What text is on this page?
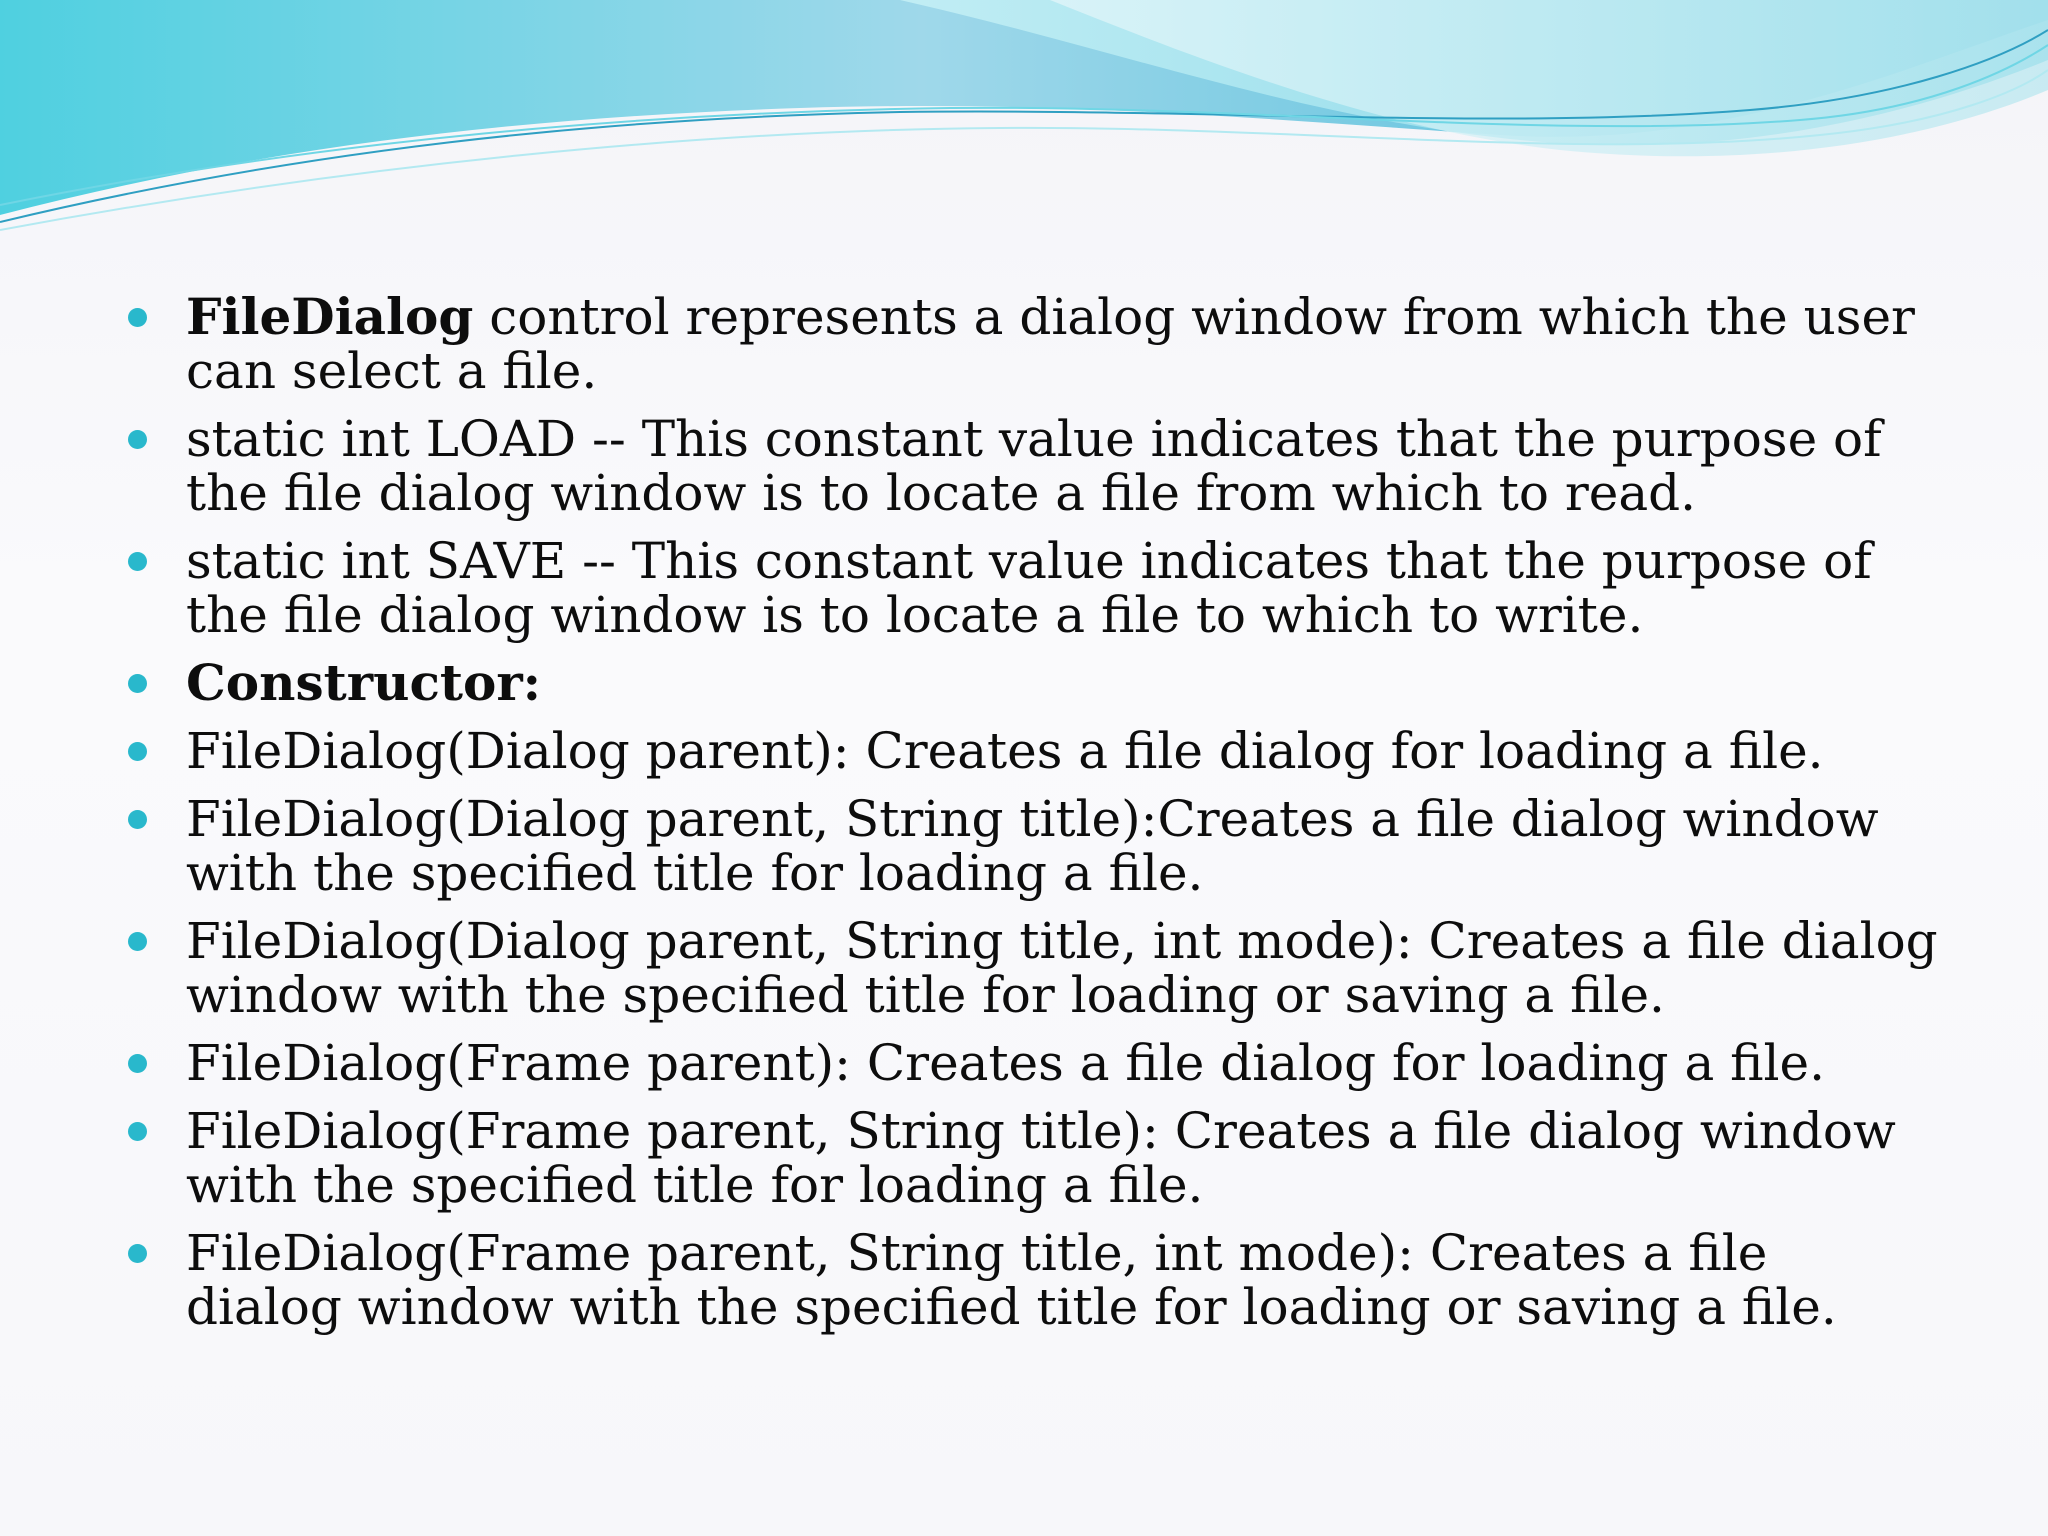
FileDialog control represents a dialog window from which the user can select a file.
static int LOAD -- This constant value indicates that the purpose of the file dialog window is to locate a file from which to read.
static int SAVE -- This constant value indicates that the purpose of the file dialog window is to locate a file to which to write.
Constructor:
FileDialog(Dialog parent): Creates a file dialog for loading a file.
FileDialog(Dialog parent, String title):Creates a file dialog window with the specified title for loading a file.
FileDialog(Dialog parent, String title, int mode): Creates a file dialog window with the specified title for loading or saving a file.
FileDialog(Frame parent): Creates a file dialog for loading a file.
FileDialog(Frame parent, String title): Creates a file dialog window with the specified title for loading a file.
FileDialog(Frame parent, String title, int mode): Creates a file dialog window with the specified title for loading or saving a file.
